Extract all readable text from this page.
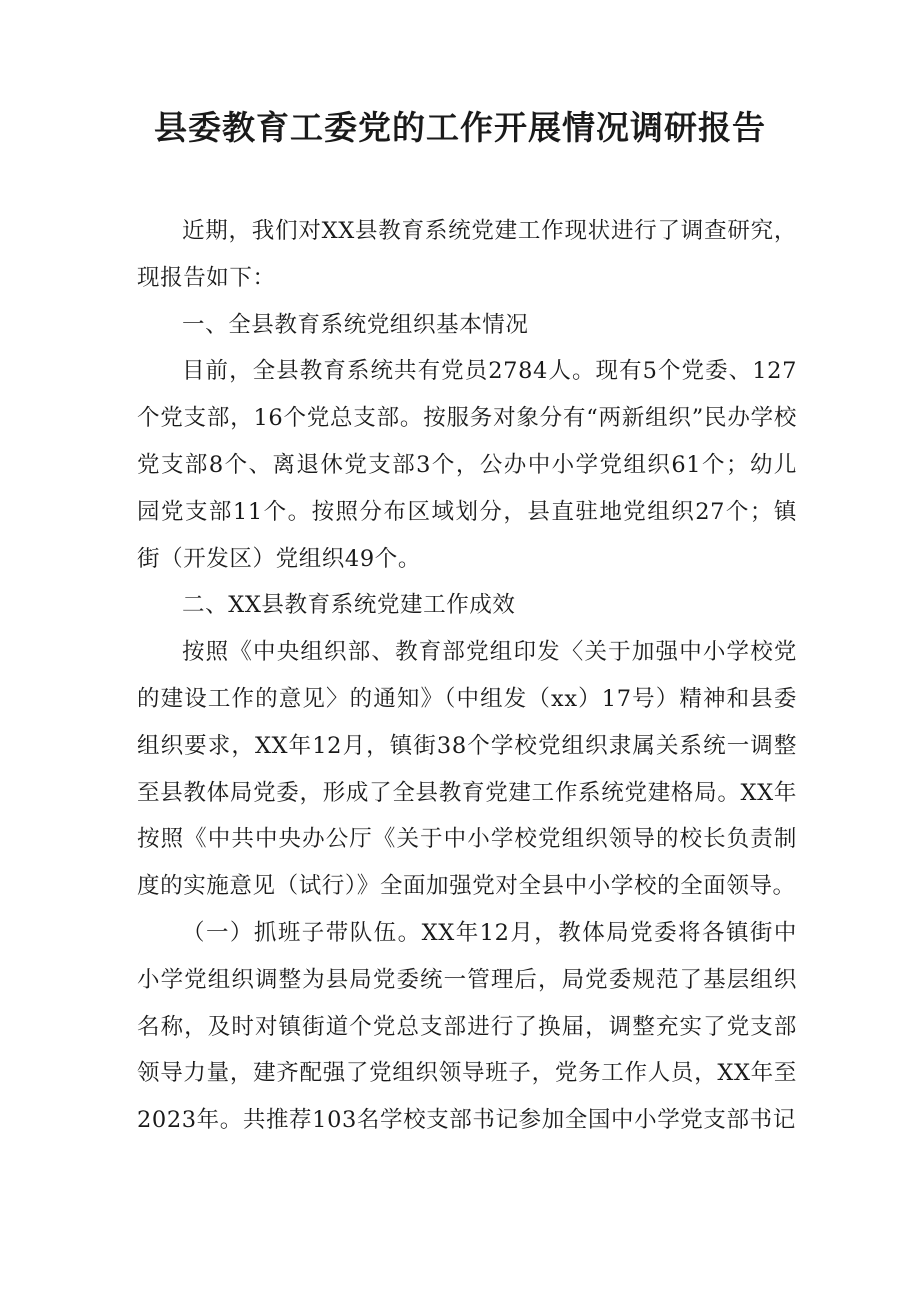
县委教育工委党的工作开展情况调研报告

近期，我们对XX县教育系统党建工作现状进行了调查研究，现报告如下：

一、全县教育系统党组织基本情况

目前，全县教育系统共有党员2784人。现有5个党委、127个党支部，16个党总支部。按服务对象分有“两新组织”民办学校党支部8个、离退休党支部3个，公办中小学党组织61个；幼儿园党支部11个。按照分布区域划分，县直驻地党组织27个；镇街（开发区）党组织49个。

二、XX县教育系统党建工作成效

按照《中央组织部、教育部党组印发〈关于加强中小学校党的建设工作的意见〉的通知》（中组发（xx）17号）精神和县委组织要求，XX年12月，镇街38个学校党组织隶属关系统一调整至县教体局党委，形成了全县教育党建工作系统党建格局。XX年按照《中共中央办公厅《关于中小学校党组织领导的校长负责制度的实施意见（试行）》全面加强党对全县中小学校的全面领导。

（一）抓班子带队伍。XX年12月，教体局党委将各镇街中小学党组织调整为县局党委统一管理后，局党委规范了基层组织名称，及时对镇街道个党总支部进行了换届，调整充实了党支部领导力量，建齐配强了党组织领导班子，党务工作人员，XX年至2023年。共推荐103名学校支部书记参加全国中小学党支部书记
